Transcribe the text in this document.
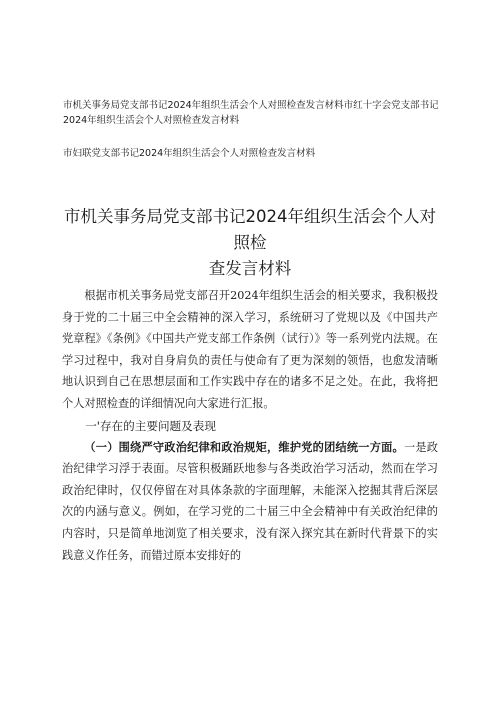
市机关事务局党支部书记2024年组织生活会个人对照检查发言材料市红十字会党支部书记

2024年组织生活会个人对照检查发言材料

市妇联党支部书记2024年组织生活会个人对照检查发言材料

市机关事务局党支部书记2024年组织生活会个人对照检
查发言材料

根据市机关事务局党支部召开2024年组织生活会的相关要求，我积极投身于党的二十届三中全会精神的深入学习，系统研习了党规以及《中国共产党章程》《条例》《中国共产党支部工作条例（试行）》等一系列党内法规。在学习过程中，我对自身肩负的责任与使命有了更为深刻的领悟，也愈发清晰地认识到自己在思想层面和工作实践中存在的诸多不足之处。在此，我将把个人对照检查的详细情况向大家进行汇报。

一'存在的主要问题及表现

（一）围绕严守政治纪律和政治规矩，维护党的团结统一方面。一是政治纪律学习浮于表面。尽管积极踊跃地参与各类政治学习活动，然而在学习政治纪律时，仅仅停留在对具体条款的字面理解，未能深入挖掘其背后深层次的内涵与意义。例如，在学习党的二十届三中全会精神中有关政治纪律的内容时，只是简单地浏览了相关要求，没有深入探究其在新时代背景下的实践意义作任务，而错过原本安排好的
